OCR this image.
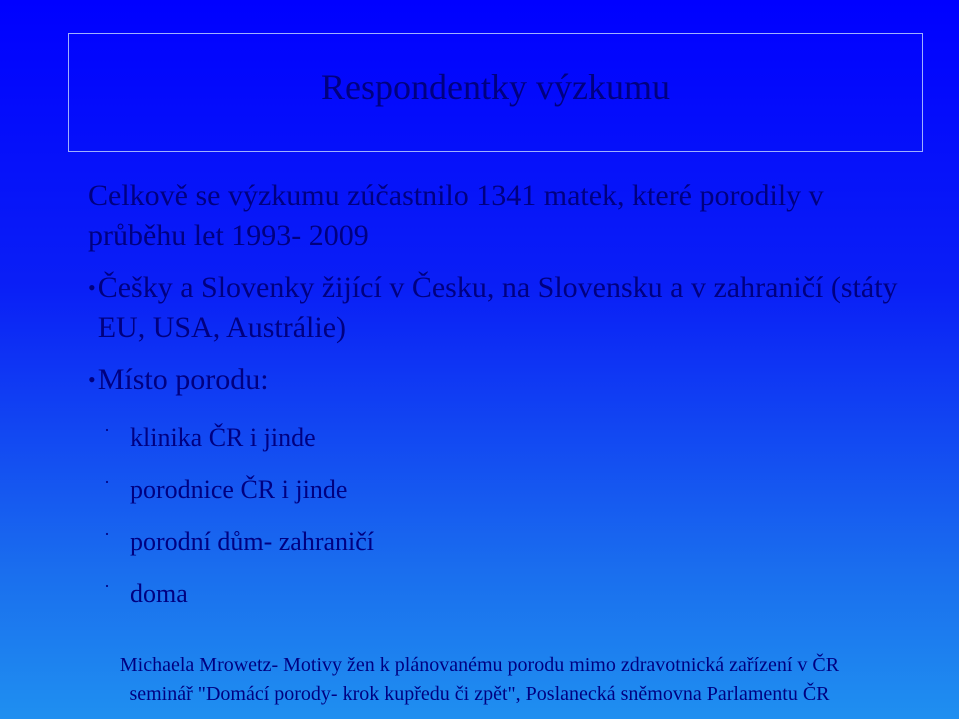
Respondentky výzkumu

Celkově se výzkumu zúčastnilo 1341 matek, které porodily v průběhu let 1993- 2009

• Češky a Slovenky žijící v Česku, na Slovensku a v zahraničí (státy EU, USA, Austrálie)
• Místo porodu:
· klinika ČR i jinde
· porodnice ČR i jinde
· porodní dům- zahraničí
· doma

Michaela Mrowetz- Motivy žen k plánovanému porodu mimo zdravotnická zařízení v ČR

seminář "Domácí porody- krok kupředu či zpět", Poslanecká sněmovna Parlamentu ČR
